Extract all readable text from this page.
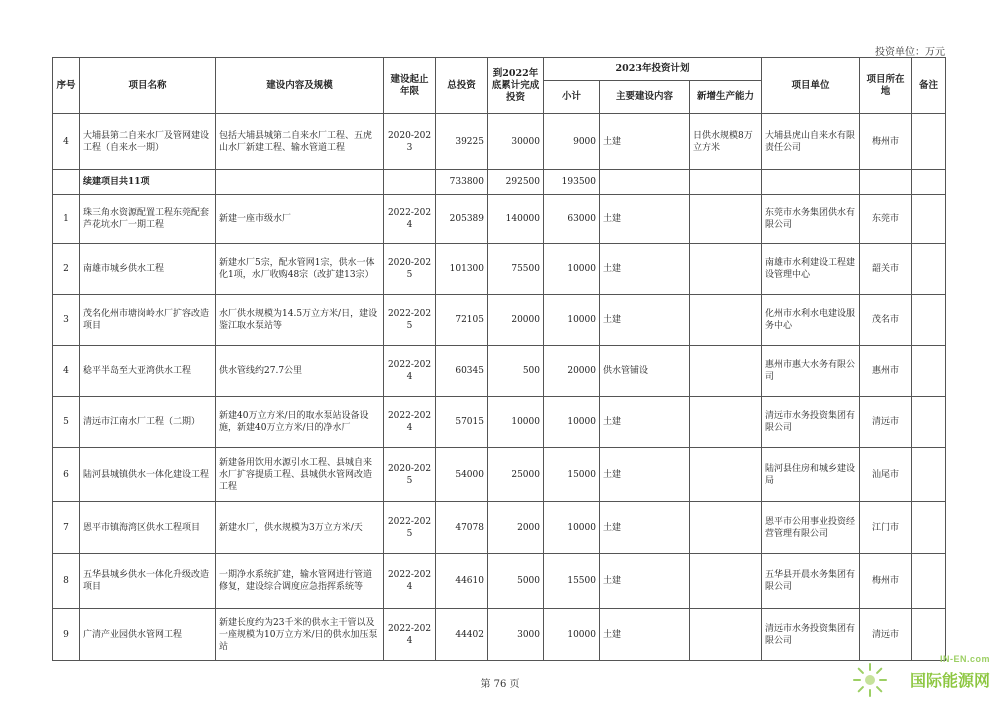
投资单位：万元
序号	项目名称	建设内容及规模	建设起止年限	总投资	到2022年底累计完成投资	2023年投资计划			项目单位	项目所在地	备注
						小计	主要建设内容	新增生产能力			
4	大埔县第二自来水厂及管网建设工程（自来水一期）	包括大埔县城第二自来水厂工程、五虎山水厂新建工程、输水管道工程	2020-2023	39225	30000	9000	土建	日供水规模8万立方米	大埔县虎山自来水有限责任公司	梅州市	
	续建项目共11项			733800	292500	193500					
1	珠三角水资源配置工程东莞配套芦花坑水厂一期工程	新建一座市级水厂	2022-2024	205389	140000	63000	土建		东莞市水务集团供水有限公司	东莞市	
2	南雄市城乡供水工程	新建水厂5宗，配水管网1宗，供水一体化1项，水厂收购48宗（改扩建13宗）	2020-2025	101300	75500	10000	土建		南雄市水利建设工程建设管理中心	韶关市	
3	茂名化州市塘岗岭水厂扩容改造项目	水厂供水规模为14.5万立方米/日，建设鉴江取水泵站等	2022-2025	72105	20000	10000	土建		化州市水利水电建设服务中心	茂名市	
4	稔平半岛至大亚湾供水工程	供水管线约27.7公里	2022-2024	60345	500	20000	供水管铺设		惠州市惠大水务有限公司	惠州市	
5	清远市江南水厂工程（二期）	新建40万立方米/日的取水泵站设备设施，新建40万立方米/日的净水厂	2022-2024	57015	10000	10000	土建		清远市水务投资集团有限公司	清远市	
6	陆河县城镇供水一体化建设工程	新建备用饮用水源引水工程、县城自来水厂扩容提质工程、县城供水管网改造工程	2020-2025	54000	25000	15000	土建		陆河县住房和城乡建设局	汕尾市	
7	恩平市镇海湾区供水工程项目	新建水厂，供水规模为3万立方米/天	2022-2025	47078	2000	10000	土建		恩平市公用事业投资经营管理有限公司	江门市	
8	五华县城乡供水一体化升级改造项目	一期净水系统扩建，输水管网进行管道修复，建设综合调度应急指挥系统等	2022-2024	44610	5000	15500	土建		五华县开晨水务集团有限公司	梅州市	
9	广清产业园供水管网工程	新建长度约为23千米的供水主干管以及一座规模为10万立方米/日的供水加压泵站	2022-2024	44402	3000	10000	土建		清远市水务投资集团有限公司	清远市	
第 76 页
IN-EN.com
国际能源网
